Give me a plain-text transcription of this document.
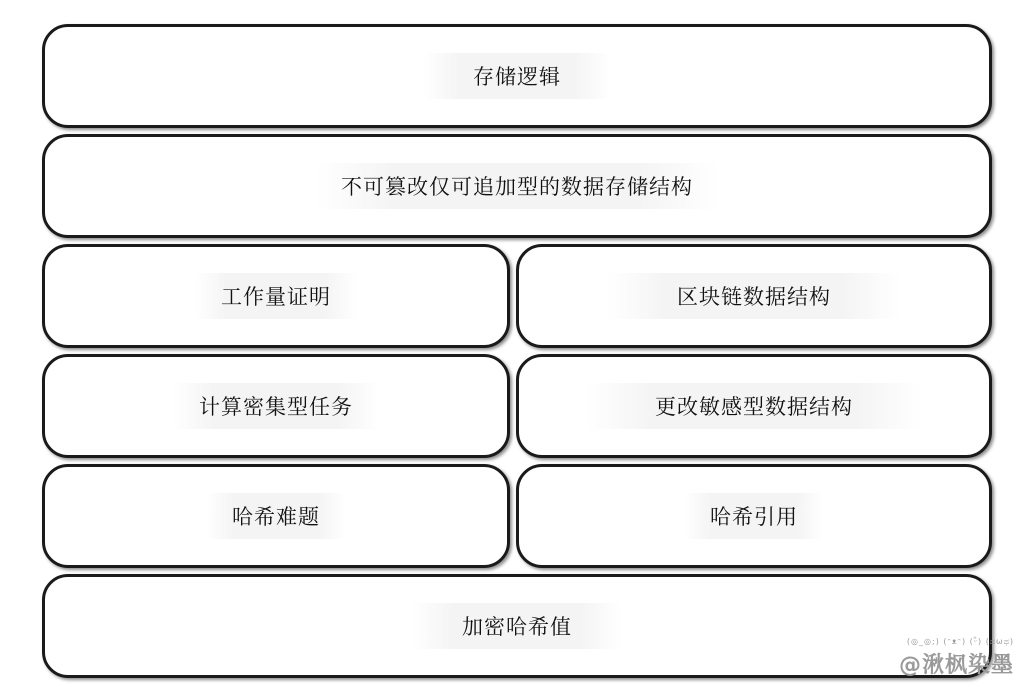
存储逻辑
不可篡改仅可追加型的数据存储结构
工作量证明	区块链数据结构
计算密集型任务	更改敏感型数据结构
哈希难题	哈希引用
加密哈希值
(◎_◎;) (ᵔᴥᵔ) (ᵕ̈̈) (ಥωಥ)
@湫枫染墨
